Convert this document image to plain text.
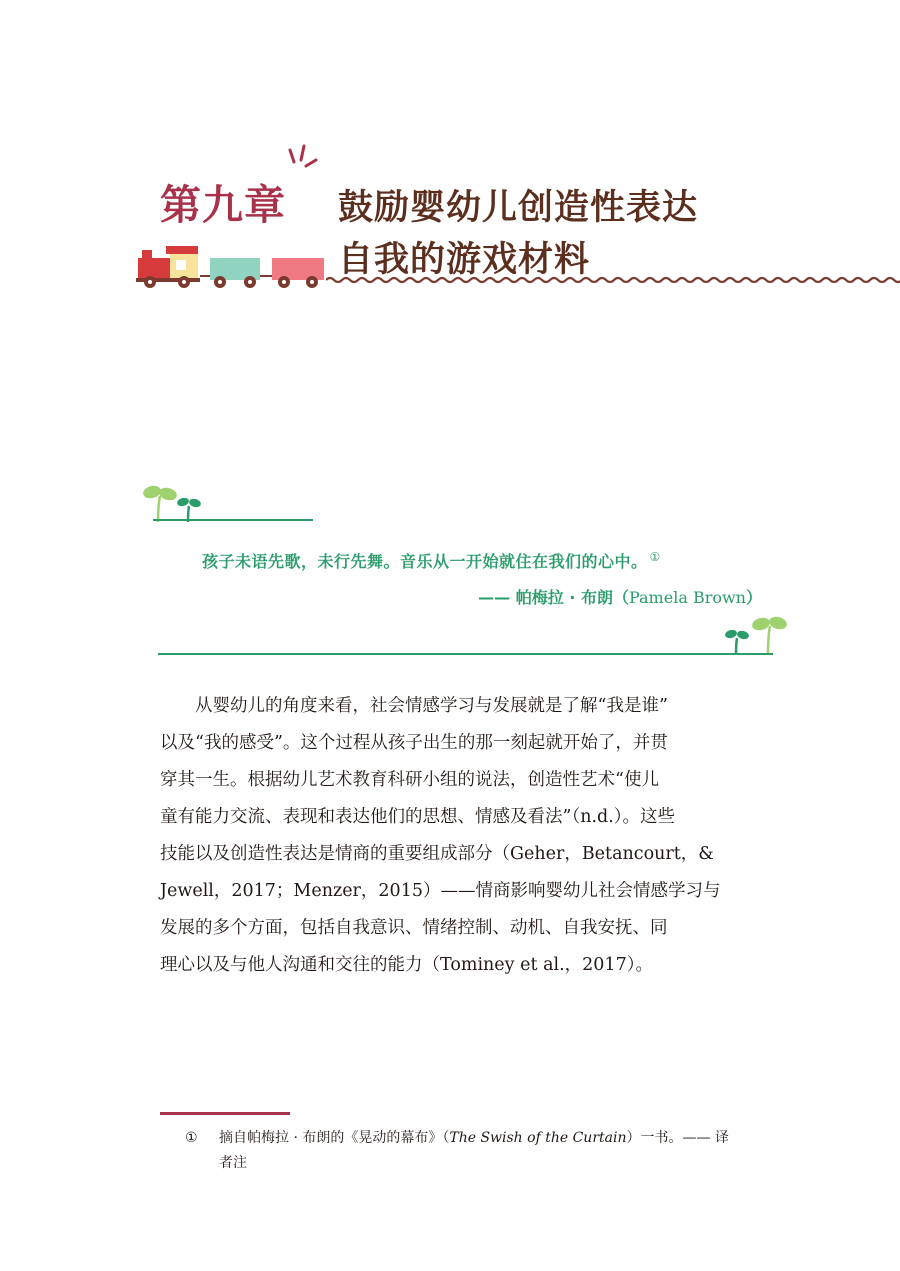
第九章 鼓励婴幼儿创造性表达
自我的游戏材料
孩子未语先歌，未行先舞。音乐从一开始就住在我们的心中。 ①
—— 帕梅拉 · 布朗（Pamela Brown）
　　从婴幼儿的角度来看，社会情感学习与发展就是了解“我是谁”
以及“我的感受”。这个过程从孩子出生的那一刻起就开始了，并贯
穿其一生。根据幼儿艺术教育科研小组的说法，创造性艺术“使儿
童有能力交流、表现和表达他们的思想、情感及看法”（n.d.）。这些
技能以及创造性表达是情商的重要组成部分（Geher，Betancourt，&
Jewell，2017；Menzer，2015）——情商影响婴幼儿社会情感学习与
发展的多个方面，包括自我意识、情绪控制、动机、自我安抚、同
理心以及与他人沟通和交往的能力（Tominey et al.，2017）。
① 摘自帕梅拉 · 布朗的《晃动的幕布》（The Swish of the Curtain）一书。—— 译
者注
